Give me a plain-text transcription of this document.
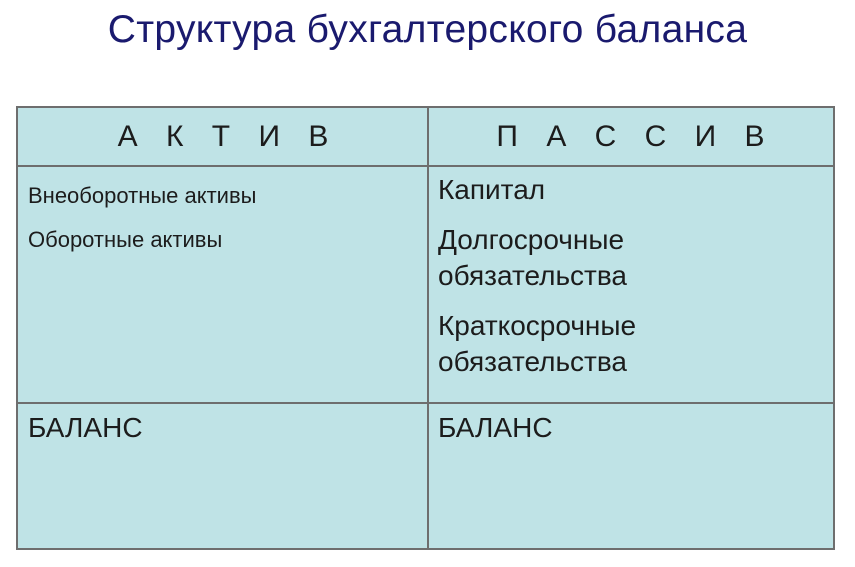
Структура бухгалтерского баланса
А К Т И В	П А С С И В
Внеоборотные активы
Оборотные активы
Капитал
Долгосрочные обязательства
Краткосрочные обязательства
БАЛАНС	БАЛАНС
